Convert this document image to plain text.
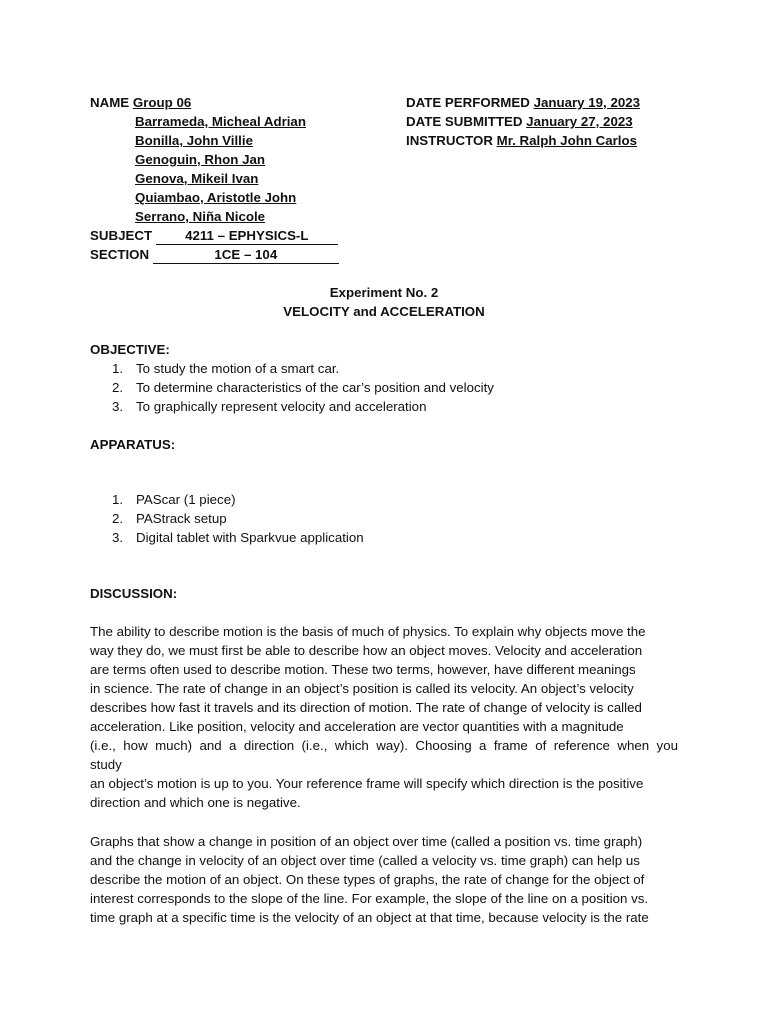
NAME Group 06
Barrameda, Micheal Adrian
Bonilla, John Villie
Genoguin, Rhon Jan
Genova, Mikeil Ivan
Quiambao, Aristotle John
Serrano, Niña Nicole
SUBJECT 4211 – EPHYSICS-L
SECTION	1CE – 104
DATE PERFORMED January 19, 2023
DATE SUBMITTED January 27, 2023
INSTRUCTOR Mr. Ralph John Carlos
Experiment No. 2
VELOCITY and ACCELERATION
OBJECTIVE:
1. To study the motion of a smart car.
2. To determine characteristics of the car’s position and velocity
3. To graphically represent velocity and acceleration
APPARATUS:
1. PAScar (1 piece)
2. PAStrack setup
3. Digital tablet with Sparkvue application
DISCUSSION:
The ability to describe motion is the basis of much of physics. To explain why objects move the
way they do, we must first be able to describe how an object moves. Velocity and acceleration
are terms often used to describe motion. These two terms, however, have different meanings
in science. The rate of change in an object’s position is called its velocity. An object’s velocity
describes how fast it travels and its direction of motion. The rate of change of velocity is called
acceleration. Like position, velocity and acceleration are vector quantities with a magnitude
(i.e., how much) and a direction (i.e., which way). Choosing a frame of reference when you
study
an object’s motion is up to you. Your reference frame will specify which direction is the positive
direction and which one is negative.
Graphs that show a change in position of an object over time (called a position vs. time graph)
and the change in velocity of an object over time (called a velocity vs. time graph) can help us
describe the motion of an object. On these types of graphs, the rate of change for the object of
interest corresponds to the slope of the line. For example, the slope of the line on a position vs.
time graph at a specific time is the velocity of an object at that time, because velocity is the rate
